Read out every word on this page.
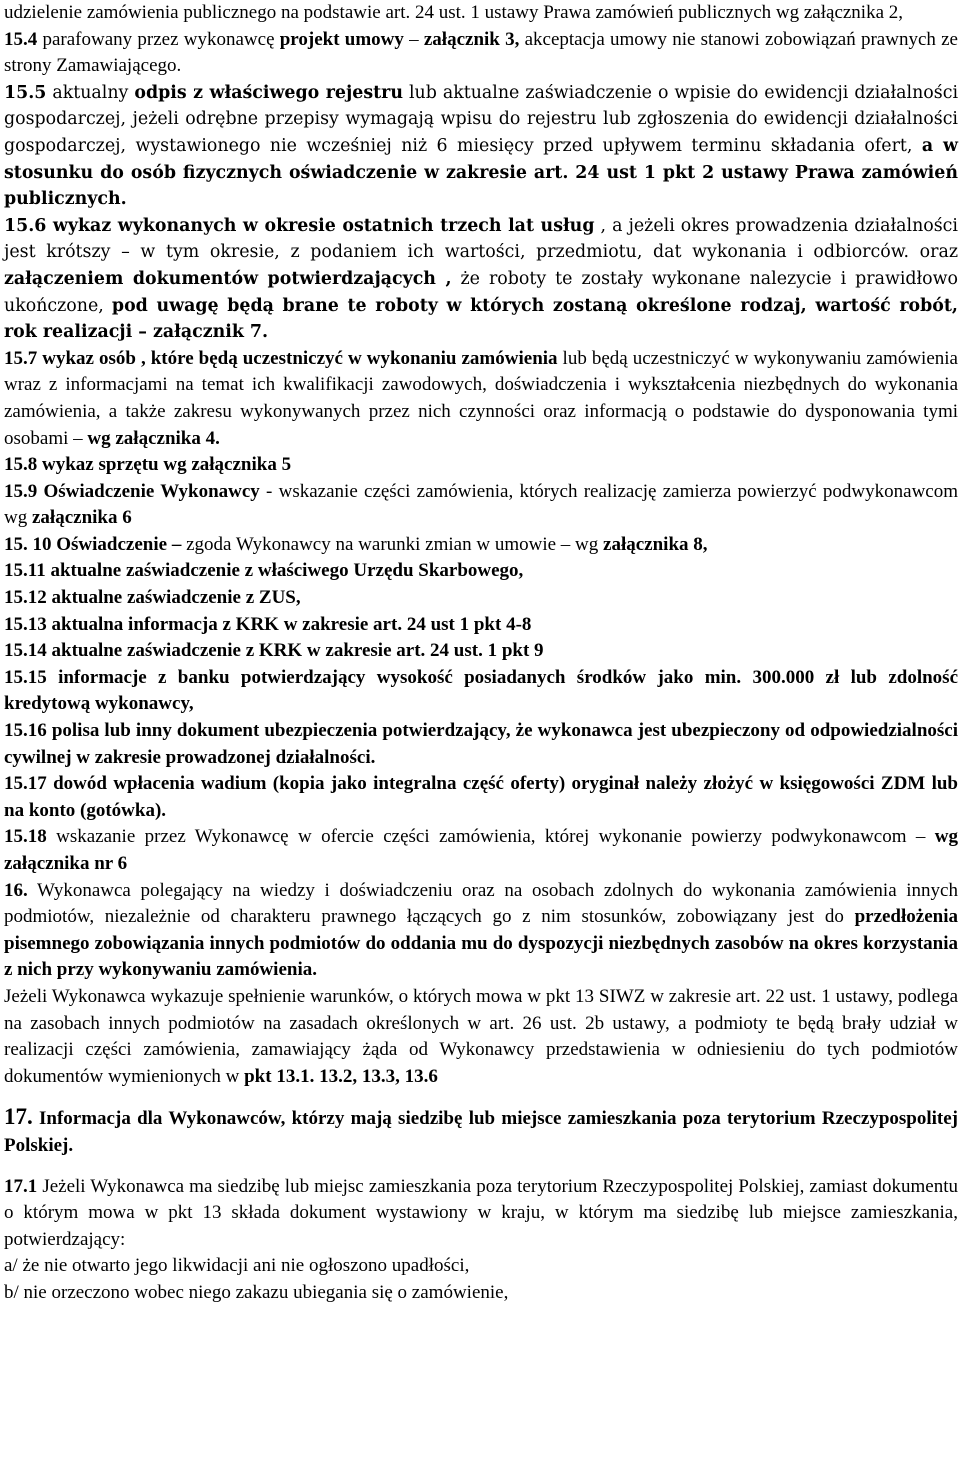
udzielenie zamówienia publicznego na podstawie art. 24 ust. 1 ustawy Prawa zamówień publicznych wg załącznika 2,

15.4 parafowany przez wykonawcę projekt umowy – załącznik 3, akceptacja umowy nie stanowi zobowiązań prawnych ze strony Zamawiającego.

15.5 aktualny odpis z właściwego rejestru lub aktualne zaświadczenie o wpisie do ewidencji działalności gospodarczej, jeżeli odrębne przepisy wymagają wpisu do rejestru lub zgłoszenia do ewidencji działalności gospodarczej, wystawionego nie wcześniej niż 6 miesięcy przed upływem terminu składania ofert, a w stosunku do osób fizycznych oświadczenie w zakresie art. 24 ust 1 pkt 2 ustawy Prawa zamówień publicznych.

15.6 wykaz wykonanych w okresie ostatnich trzech lat usług , a jeżeli okres prowadzenia działalności jest krótszy – w tym okresie, z podaniem ich wartości, przedmiotu, dat wykonania i odbiorców. oraz załączeniem dokumentów potwierdzających , że roboty te zostały wykonane nalezycie i prawidłowo ukończone, pod uwagę będą brane te roboty w których zostaną określone rodzaj, wartość robót, rok realizacji – załącznik 7.

15.7 wykaz osób , które będą uczestniczyć w wykonaniu zamówienia lub będą uczestniczyć w wykonywaniu zamówienia wraz z informacjami na temat ich kwalifikacji zawodowych, doświadczenia i wykształcenia niezbędnych do wykonania zamówienia, a także zakresu wykonywanych przez nich czynności oraz informacją o podstawie do dysponowania tymi osobami – wg załącznika 4.

15.8 wykaz sprzętu wg załącznika 5

15.9 Oświadczenie Wykonawcy - wskazanie części zamówienia, których realizację zamierza powierzyć podwykonawcom wg załącznika 6

15. 10 Oświadczenie – zgoda Wykonawcy na warunki zmian w umowie – wg załącznika 8,

15.11 aktualne zaświadczenie z właściwego Urzędu Skarbowego,

15.12 aktualne zaświadczenie z ZUS,

15.13 aktualna informacja z KRK w zakresie art. 24 ust 1 pkt 4-8

15.14 aktualne zaświadczenie z KRK w zakresie art. 24 ust. 1 pkt 9

15.15 informacje z banku potwierdzający wysokość posiadanych środków jako min. 300.000 zł lub zdolność kredytową wykonawcy,

15.16 polisa lub inny dokument ubezpieczenia potwierdzający, że wykonawca jest ubezpieczony od odpowiedzialności cywilnej w zakresie prowadzonej działalności.

15.17 dowód wpłacenia wadium (kopia jako integralna część oferty) oryginał należy złożyć w księgowości ZDM lub na konto (gotówka).

15.18 wskazanie przez Wykonawcę w ofercie części zamówienia, której wykonanie powierzy podwykonawcom – wg załącznika nr 6

16. Wykonawca polegający na wiedzy i doświadczeniu oraz na osobach zdolnych do wykonania zamówienia innych podmiotów, niezależnie od charakteru prawnego łączących go z nim stosunków, zobowiązany jest do przedłożenia pisemnego zobowiązania innych podmiotów do oddania mu do dyspozycji niezbędnych zasobów na okres korzystania z nich przy wykonywaniu zamówienia.

Jeżeli Wykonawca wykazuje spełnienie warunków, o których mowa w pkt 13 SIWZ w zakresie art. 22 ust. 1 ustawy, podlega na zasobach innych podmiotów na zasadach określonych w art. 26 ust. 2b ustawy, a podmioty te będą brały udział w realizacji części zamówienia, zamawiający żąda od Wykonawcy przedstawienia w odniesieniu do tych podmiotów dokumentów wymienionych w pkt 13.1. 13.2, 13.3, 13.6

17. Informacja dla Wykonawców, którzy mają siedzibę lub miejsce zamieszkania poza terytorium Rzeczypospolitej Polskiej.

17.1 Jeżeli Wykonawca ma siedzibę lub miejsc zamieszkania poza terytorium Rzeczypospolitej Polskiej, zamiast dokumentu o którym mowa w pkt 13 składa dokument wystawiony w kraju, w którym ma siedzibę lub miejsce zamieszkania, potwierdzający:

a/ że nie otwarto jego likwidacji ani nie ogłoszono upadłości,

b/ nie orzeczono wobec niego zakazu ubiegania się o zamówienie,
